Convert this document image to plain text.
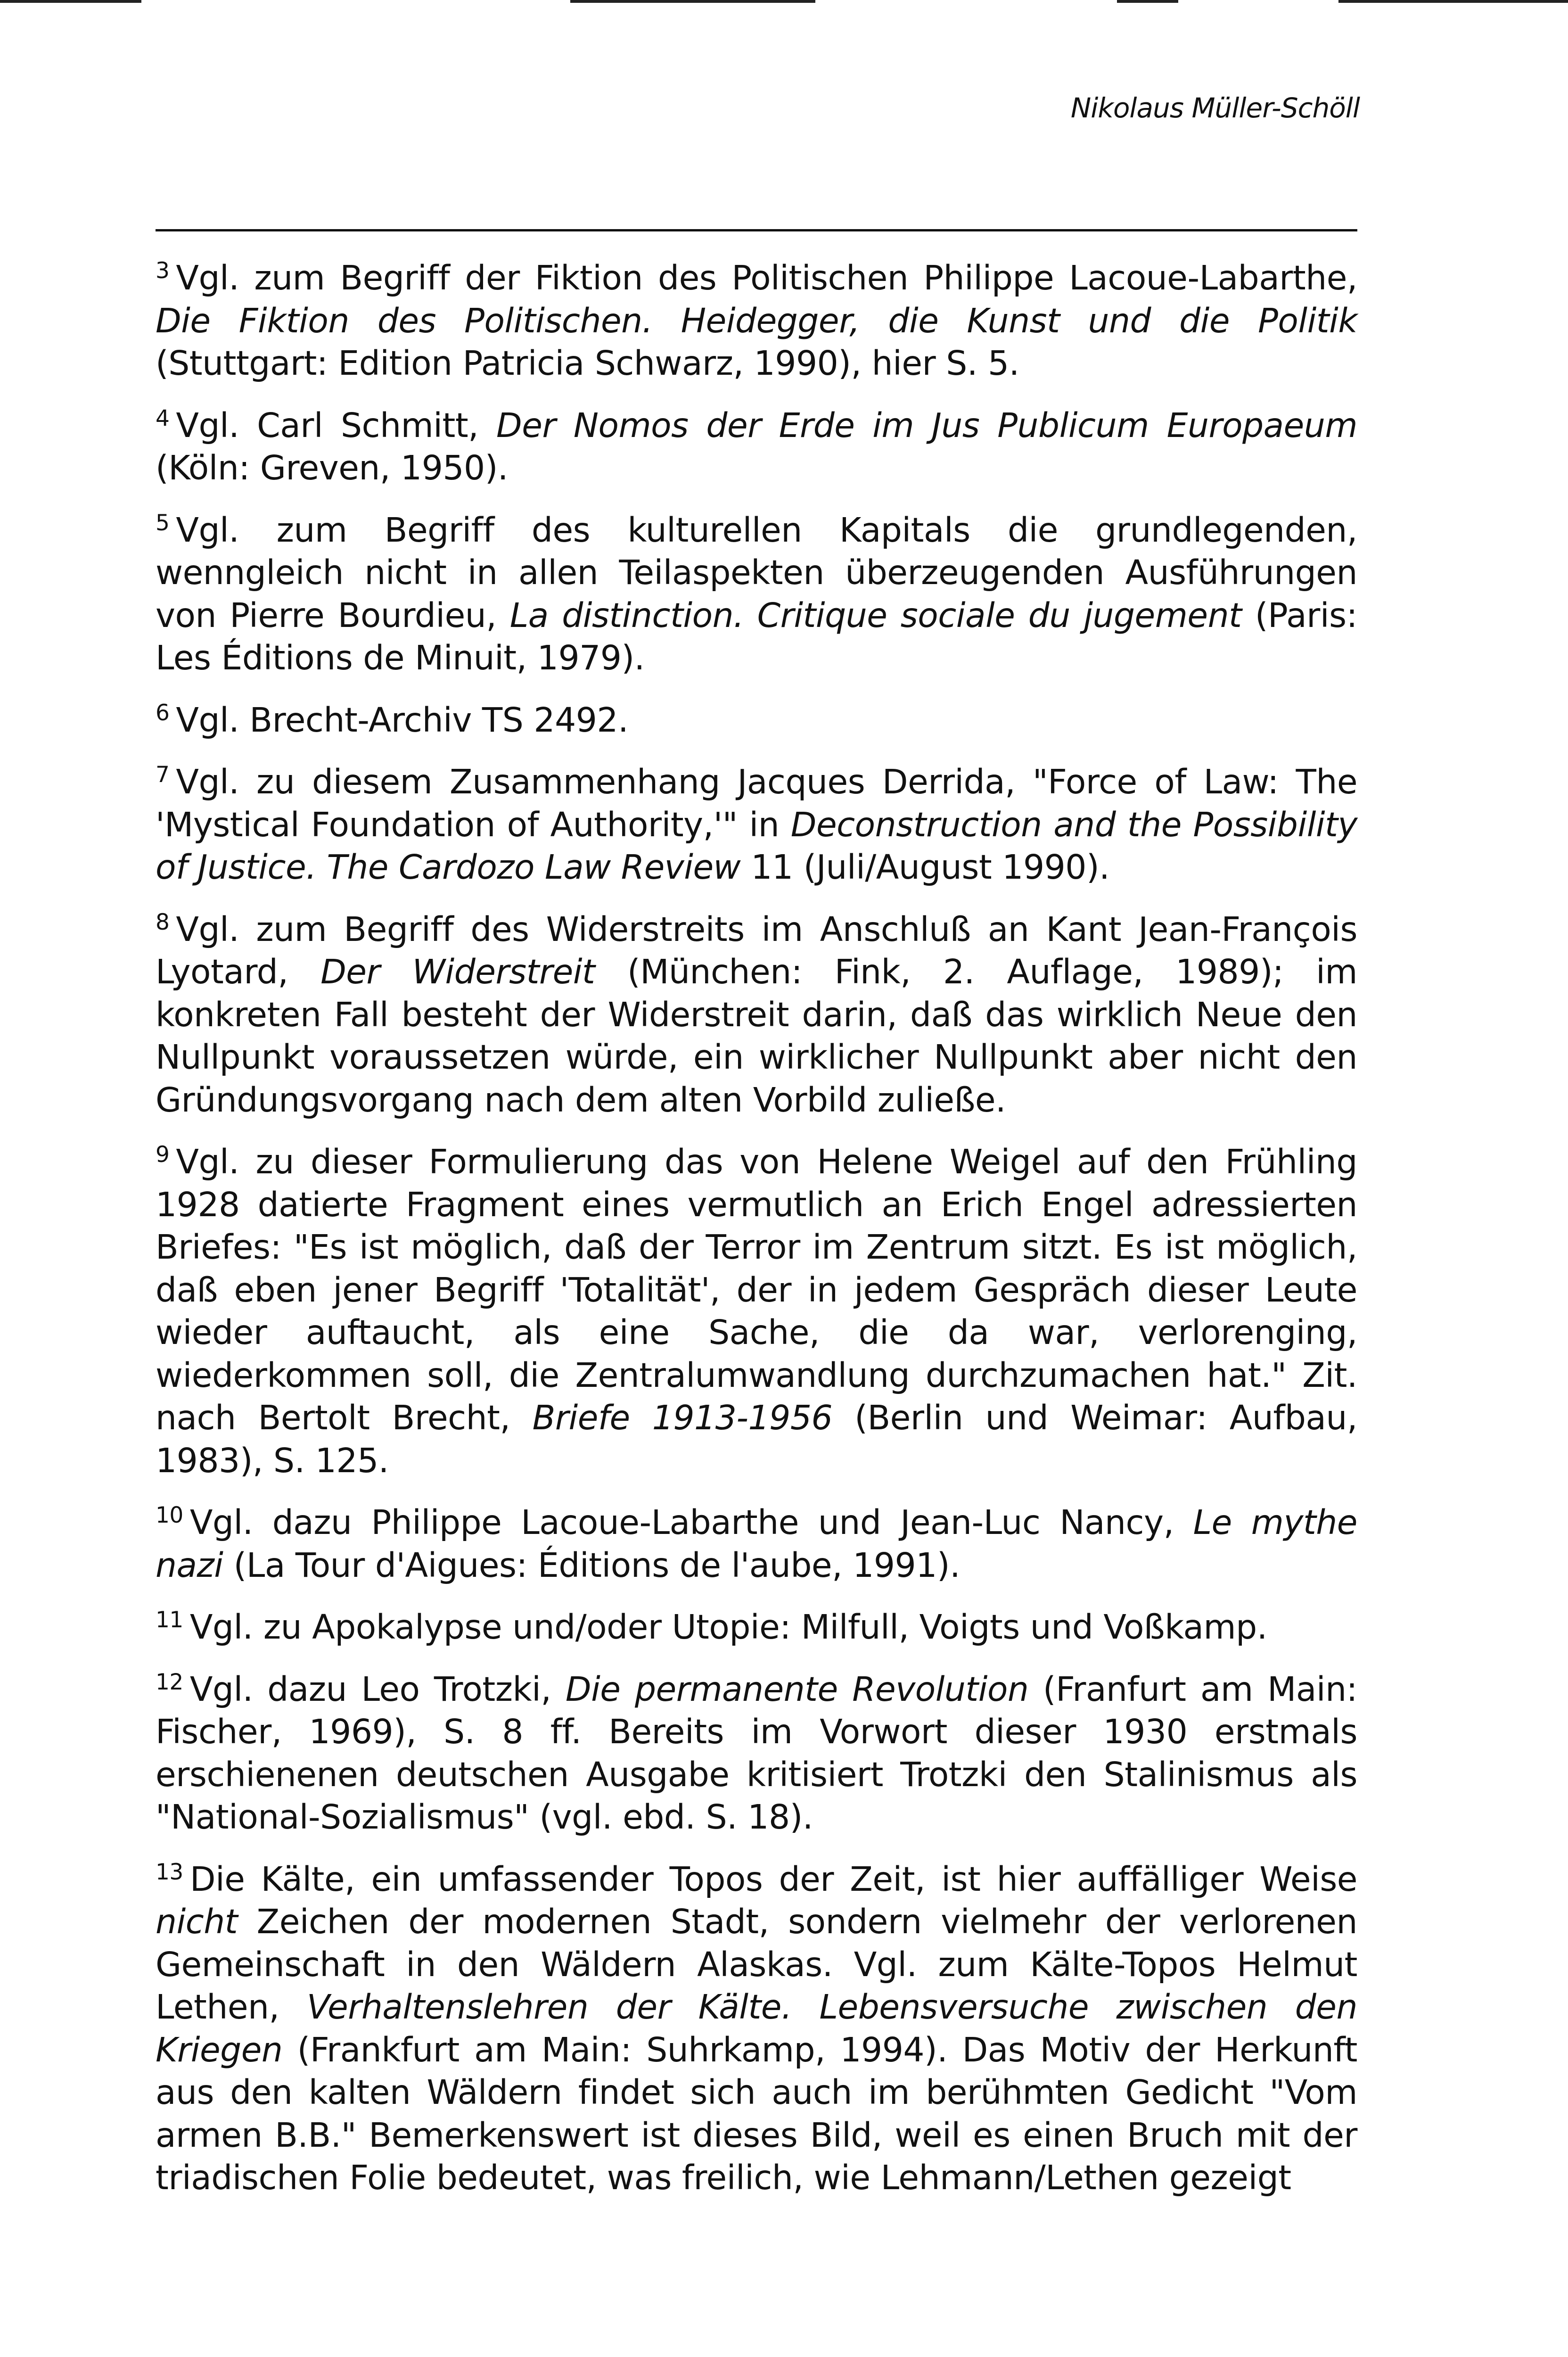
Nikolaus Müller-Schöll

$^3$ Vgl. zum Begriff der Fiktion des Politischen Philippe Lacoue-Labarthe, Die Fiktion des Politischen. Heidegger, die Kunst und die Politik (Stuttgart: Edition Patricia Schwarz, 1990), hier S. 5.

$^4$ Vgl. Carl Schmitt, Der Nomos der Erde im Jus Publicum Europaeum (Köln: Greven, 1950).

$^5$ Vgl. zum Begriff des kulturellen Kapitals die grundlegenden, wenngleich nicht in allen Teilaspekten überzeugenden Ausführungen von Pierre Bourdieu, La distinction. Critique sociale du jugement (Paris: Les Éditions de Minuit, 1979).

$^6$ Vgl. Brecht-Archiv TS 2492.

$^7$ Vgl. zu diesem Zusammenhang Jacques Derrida, "Force of Law: The 'Mystical Foundation of Authority,'" in Deconstruction and the Possibility of Justice. The Cardozo Law Review 11 (Juli/August 1990).

$^8$ Vgl. zum Begriff des Widerstreits im Anschluß an Kant Jean-François Lyotard, Der Widerstreit (München: Fink, 2. Auflage, 1989); im konkreten Fall besteht der Widerstreit darin, daß das wirklich Neue den Nullpunkt voraussetzen würde, ein wirklicher Nullpunkt aber nicht den Gründungsvorgang nach dem alten Vorbild zuließe.

$^9$ Vgl. zu dieser Formulierung das von Helene Weigel auf den Frühling 1928 datierte Fragment eines vermutlich an Erich Engel adressierten Briefes: "Es ist möglich, daß der Terror im Zentrum sitzt. Es ist möglich, daß eben jener Begriff 'Totalität', der in jedem Gespräch dieser Leute wieder auftaucht, als eine Sache, die da war, verlorenging, wiederkommen soll, die Zentralumwandlung durchzumachen hat." Zit. nach Bertolt Brecht, Briefe 1913-1956 (Berlin und Weimar: Aufbau, 1983), S. 125.

$^{10}$ Vgl. dazu Philippe Lacoue-Labarthe und Jean-Luc Nancy, Le mythe nazi (La Tour d'Aigues: Éditions de l'aube, 1991).

$^{11}$ Vgl. zu Apokalypse und/oder Utopie: Milfull, Voigts und Voßkamp.

$^{12}$ Vgl. dazu Leo Trotzki, Die permanente Revolution (Franfurt am Main: Fischer, 1969), S. 8 ff. Bereits im Vorwort dieser 1930 erstmals erschienenen deutschen Ausgabe kritisiert Trotzki den Stalinismus als "National-Sozialismus" (vgl. ebd. S. 18).

$^{13}$ Die Kälte, ein umfassender Topos der Zeit, ist hier auffälliger Weise nicht Zeichen der modernen Stadt, sondern vielmehr der verlorenen Gemeinschaft in den Wäldern Alaskas. Vgl. zum Kälte-Topos Helmut Lethen, Verhaltenslehren der Kälte. Lebensversuche zwischen den Kriegen (Frankfurt am Main: Suhrkamp, 1994). Das Motiv der Herkunft aus den kalten Wäldern findet sich auch im berühmten Gedicht "Vom armen B.B." Bemerkenswert ist dieses Bild, weil es einen Bruch mit der triadischen Folie bedeutet, was freilich, wie Lehmann/Lethen gezeigt
